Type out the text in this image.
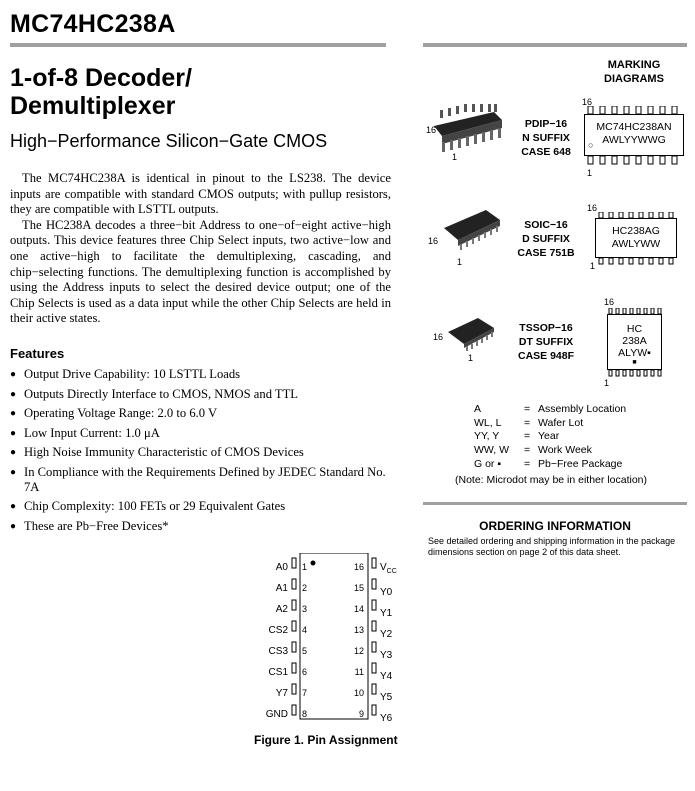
MC74HC238A
1-of-8 Decoder/
Demultiplexer
High−Performance Silicon−Gate CMOS

The MC74HC238A is identical in pinout to the LS238. The device inputs are compatible with standard CMOS outputs; with pullup resistors, they are compatible with LSTTL outputs.

The HC238A decodes a three−bit Address to one−of−eight active−high outputs. This device features three Chip Select inputs, two active−low and one active−high to facilitate the demultiplexing, cascading, and chip−selecting functions. The demultiplexing function is accomplished by using the Address inputs to select the desired device output; one of the Chip Selects is used as a data input while the other Chip Selects are held in their active states.

Features
● Output Drive Capability: 10 LSTTL Loads
● Outputs Directly Interface to CMOS, NMOS and TTL
● Operating Voltage Range: 2.0 to 6.0 V
● Low Input Current: 1.0 μA
● High Noise Immunity Characteristic of CMOS Devices
● In Compliance with the Requirements Defined by JEDEC Standard No. 7A
● Chip Complexity: 100 FETs or 29 Equivalent Gates
● These are Pb−Free Devices*
MARKING
DIAGRAMS
16
1
PDIP−16
N SUFFIX
CASE 648
16
MC74HC238AN
AWLYYWWG
○
1
16
1
SOIC−16
D SUFFIX
CASE 751B
16
HC238AG
AWLYWW
1
16
1
TSSOP−16
DT SUFFIX
CASE 948F
16
HC
238A
ALYW▪
■
1
A	= Assembly Location
WL, L = Wafer Lot
YY, Y = Year
WW, W = Work Week
G or ▪ = Pb−Free Package
(Note: Microdot may be in either location)
ORDERING INFORMATION
See detailed ordering and shipping information in the package dimensions section on page 2 of this data sheet.
A0
A1
A2
CS2
CS3
CS1
Y7
GND
1
2
3
4
5
6
7
8
16
15
14
13
12
11
10
9
$V_{CC}$
Y0
Y1
Y2
Y3
Y4
Y5
Y6
Figure 1. Pin Assignment
